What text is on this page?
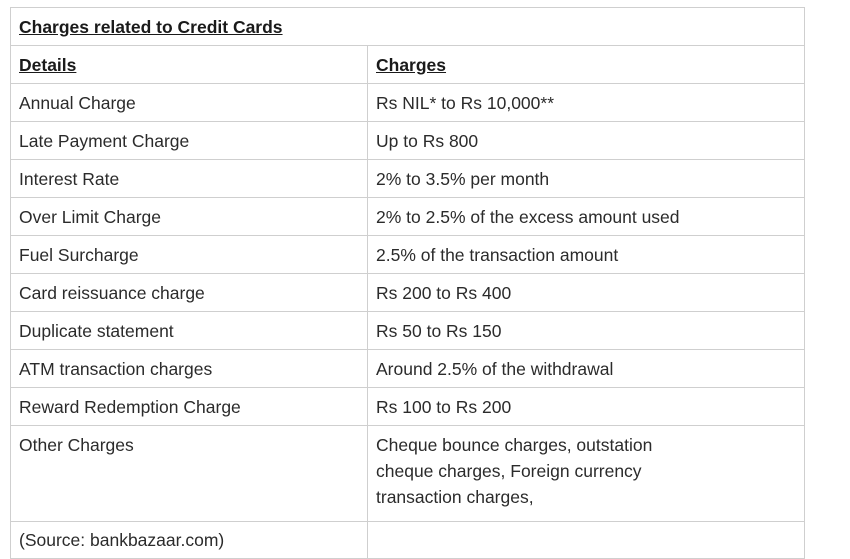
Charges related to Credit Cards	
Details	Charges
Annual Charge	Rs NIL* to Rs 10,000**
Late Payment Charge	Up to Rs 800
Interest Rate	2% to 3.5% per month
Over Limit Charge	2% to 2.5% of the excess amount used
Fuel Surcharge	2.5% of the transaction amount
Card reissuance charge	Rs 200 to Rs 400
Duplicate statement	Rs 50 to Rs 150
ATM transaction charges	Around 2.5% of the withdrawal
Reward Redemption Charge	Rs 100 to Rs 200
Other Charges	Cheque bounce charges, outstation
cheque charges, Foreign currency
transaction charges,

(Source: bankbazaar.com)	
